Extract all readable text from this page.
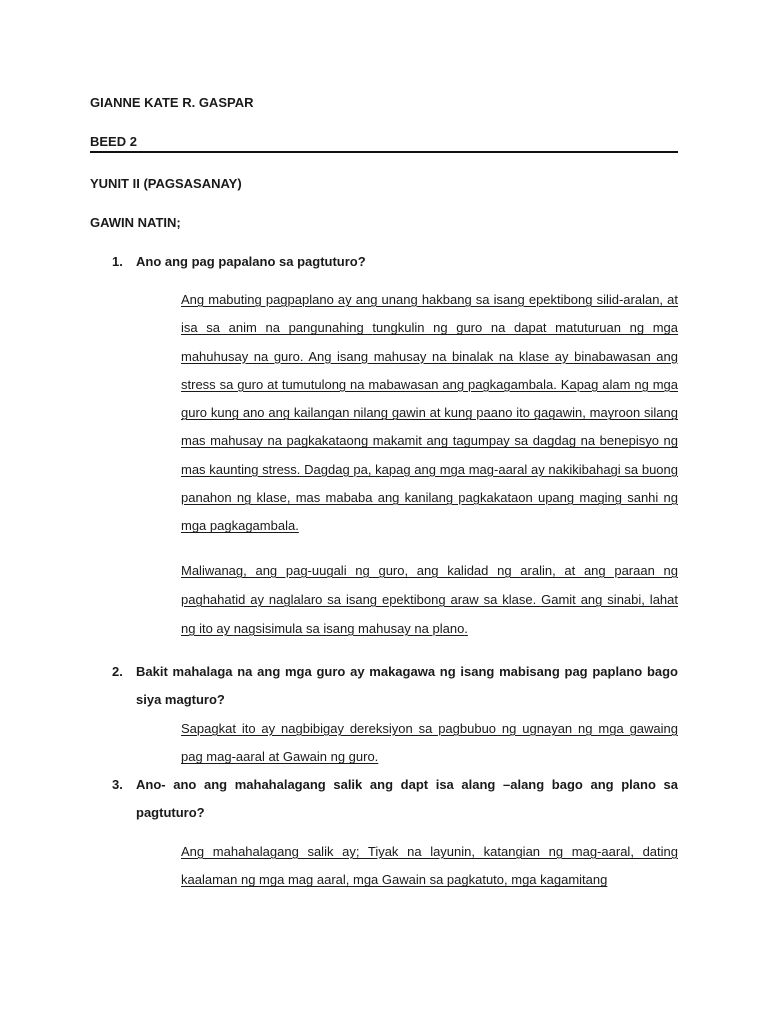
GIANNE KATE R. GASPAR
BEED 2
YUNIT II (PAGSASANAY)
GAWIN NATIN;
1. Ano ang pag papalano sa pagtuturo?
Ang mabuting pagpaplano ay ang unang hakbang sa isang epektibong silid-aralan, at isa sa anim na pangunahing tungkulin ng guro na dapat matuturuan ng mga mahuhusay na guro. Ang isang mahusay na binalak na klase ay binabawasan ang stress sa guro at tumutulong na mabawasan ang pagkagambala. Kapag alam ng mga guro kung ano ang kailangan nilang gawin at kung paano ito gagawin, mayroon silang mas mahusay na pagkakataong makamit ang tagumpay sa dagdag na benepisyo ng mas kaunting stress. Dagdag pa, kapag ang mga mag-aaral ay nakikibahagi sa buong panahon ng klase, mas mababa ang kanilang pagkakataon upang maging sanhi ng mga pagkagambala.
Maliwanag, ang pag-uugali ng guro, ang kalidad ng aralin, at ang paraan ng paghahatid ay naglalaro sa isang epektibong araw sa klase. Gamit ang sinabi, lahat ng ito ay nagsisimula sa isang mahusay na plano.
2. Bakit mahalaga na ang mga guro ay makagawa ng isang mabisang pag paplano bago siya magturo?
Sapagkat ito ay nagbibigay dereksiyon sa pagbubuo ng ugnayan ng mga gawaing pag mag-aaral at Gawain ng guro.
3. Ano- ano ang mahahalagang salik ang dapt isa alang –alang bago ang plano sa pagtuturo?
Ang mahahalagang salik ay; Tiyak na layunin, katangian ng mag-aaral, dating kaalaman ng mga mag aaral, mga Gawain sa pagkatuto, mga kagamitang
